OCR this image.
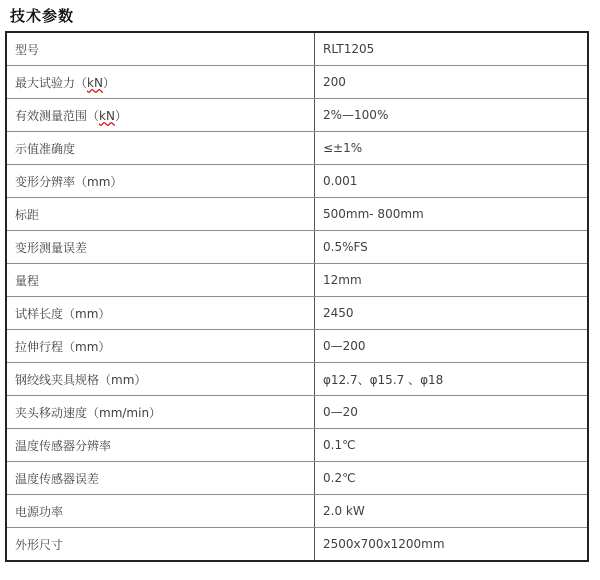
技术参数
型号	RLT1205
最大试验力（kN）	200
有效测量范围（kN）	2%—100%
示值准确度	≤±1%
变形分辨率（mm）	0.001
标距	500mm- 800mm
变形测量误差	0.5%FS
量程	12mm
试样长度（mm）	2450
拉伸行程（mm）	0—200
钢绞线夹具规格（mm）	φ12.7、φ15.7 、φ18
夹头移动速度（mm/min）	0—20
温度传感器分辨率	0.1℃
温度传感器误差	0.2℃
电源功率	2.0 kW
外形尺寸	2500x700x1200mm
